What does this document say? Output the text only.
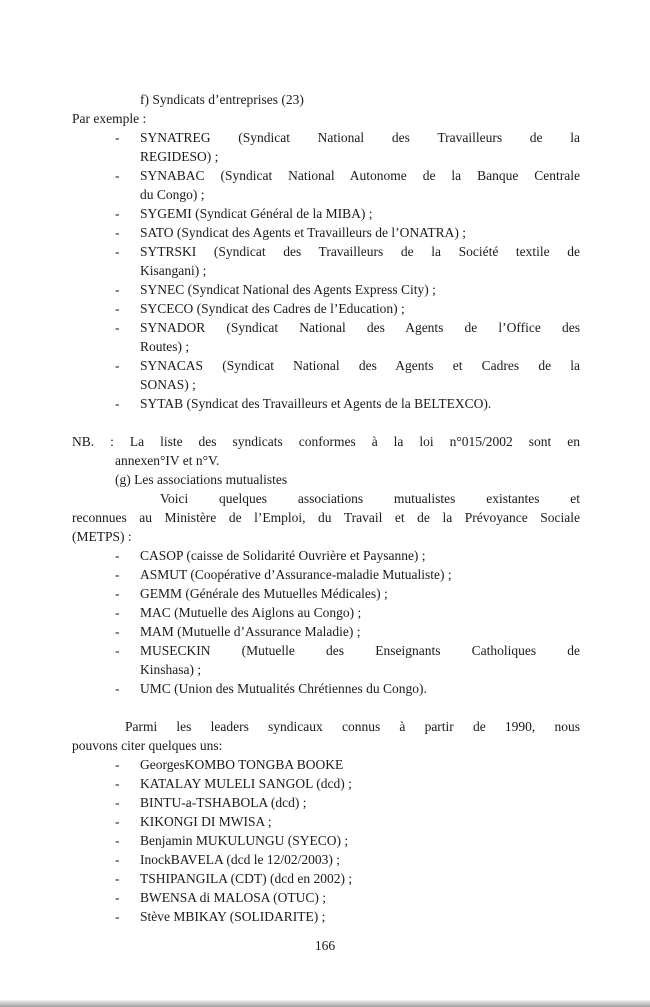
f) Syndicats d’entreprises (23)
Par exemple :
- SYNATREG (Syndicat National des Travailleurs de la
REGIDESO) ;
- SYNABAC (Syndicat National Autonome de la Banque Centrale
du Congo) ;
- SYGEMI (Syndicat Général de la MIBA) ;
- SATO (Syndicat des Agents et Travailleurs de l’ONATRA) ;
- SYTRSKI (Syndicat des Travailleurs de la Société textile de
Kisangani) ;
- SYNEC (Syndicat National des Agents Express City) ;
- SYCECO (Syndicat des Cadres de l’Education) ;
- SYNADOR (Syndicat National des Agents de l’Office des
Routes) ;
- SYNACAS (Syndicat National des Agents et Cadres de la
SONAS) ;
- SYTAB (Syndicat des Travailleurs et Agents de la BELTEXCO).
NB. : La liste des syndicats conformes à la loi n°015/2002 sont en
annexen°IV et n°V.
(g) Les associations mutualistes
Voici quelques associations mutualistes existantes et
reconnues au Ministère de l’Emploi, du Travail et de la Prévoyance Sociale
(METPS) :
- CASOP (caisse de Solidarité Ouvrière et Paysanne) ;
- ASMUT (Coopérative d’Assurance-maladie Mutualiste) ;
- GEMM (Générale des Mutuelles Médicales) ;
- MAC (Mutuelle des Aiglons au Congo) ;
- MAM (Mutuelle d’Assurance Maladie) ;
- MUSECKIN (Mutuelle des Enseignants Catholiques de
Kinshasa) ;
- UMC (Union des Mutualités Chrétiennes du Congo).
Parmi les leaders syndicaux connus à partir de 1990, nous
pouvons citer quelques uns:
- GeorgesKOMBO TONGBA BOOKE
- KATALAY MULELI SANGOL (dcd) ;
- BINTU-a-TSHABOLA (dcd) ;
- KIKONGI DI MWISA ;
- Benjamin MUKULUNGU (SYECO) ;
- InockBAVELA (dcd le 12/02/2003) ;
- TSHIPANGILA (CDT) (dcd en 2002) ;
- BWENSA di MALOSA (OTUC) ;
- Stève MBIKAY (SOLIDARITE) ;
166
